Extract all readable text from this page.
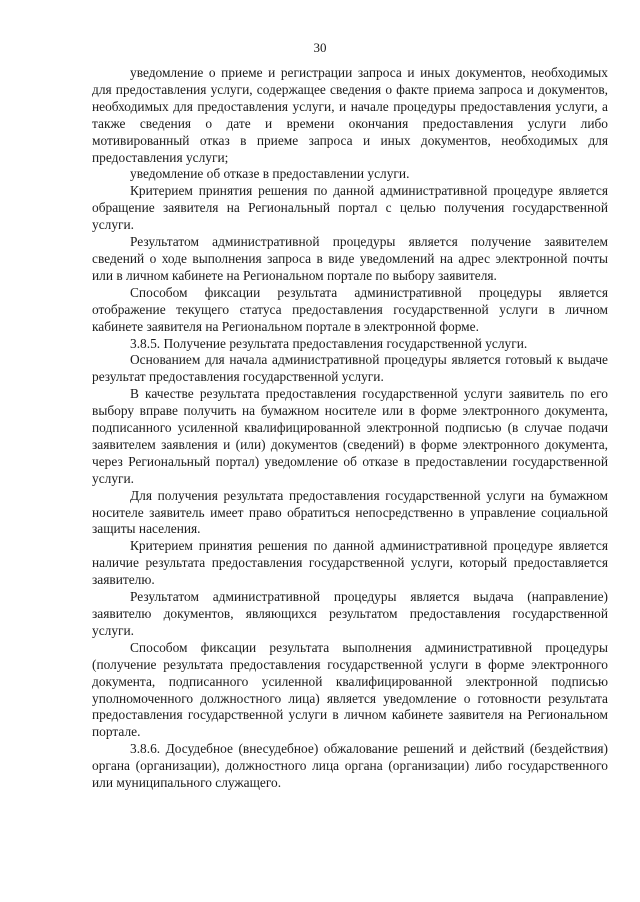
30

уведомление о приеме и регистрации запроса и иных документов, необходимых для предоставления услуги, содержащее сведения о факте приема запроса и документов, необходимых для предоставления услуги, и начале процедуры предоставления услуги, а также сведения о дате и времени окончания предоставления услуги либо мотивированный отказ в приеме запроса и иных документов, необходимых для предоставления услуги;

уведомление об отказе в предоставлении услуги.

Критерием принятия решения по данной административной процедуре является обращение заявителя на Региональный портал с целью получения государственной услуги.

Результатом административной процедуры является получение заявителем сведений о ходе выполнения запроса в виде уведомлений на адрес электронной почты или в личном кабинете на Региональном портале по выбору заявителя.

Способом фиксации результата административной процедуры является отображение текущего статуса предоставления государственной услуги в личном кабинете заявителя на Региональном портале в электронной форме.

3.8.5. Получение результата предоставления государственной услуги.

Основанием для начала административной процедуры является готовый к выдаче результат предоставления государственной услуги.

В качестве результата предоставления государственной услуги заявитель по его выбору вправе получить на бумажном носителе или в форме электронного документа, подписанного усиленной квалифицированной электронной подписью (в случае подачи заявителем заявления и (или) документов (сведений) в форме электронного документа, через Региональный портал) уведомление об отказе в предоставлении государственной услуги.

Для получения результата предоставления государственной услуги на бумажном носителе заявитель имеет право обратиться непосредственно в управление социальной защиты населения.

Критерием принятия решения по данной административной процедуре является наличие результата предоставления государственной услуги, который предоставляется заявителю.

Результатом административной процедуры является выдача (направление) заявителю документов, являющихся результатом предоставления государственной услуги.

Способом фиксации результата выполнения административной процедуры (получение результата предоставления государственной услуги в форме электронного документа, подписанного усиленной квалифицированной электронной подписью уполномоченного должностного лица) является уведомление о готовности результата предоставления государственной услуги в личном кабинете заявителя на Региональном портале.

3.8.6. Досудебное (внесудебное) обжалование решений и действий (бездействия) органа (организации), должностного лица органа (организации) либо государственного или муниципального служащего.
